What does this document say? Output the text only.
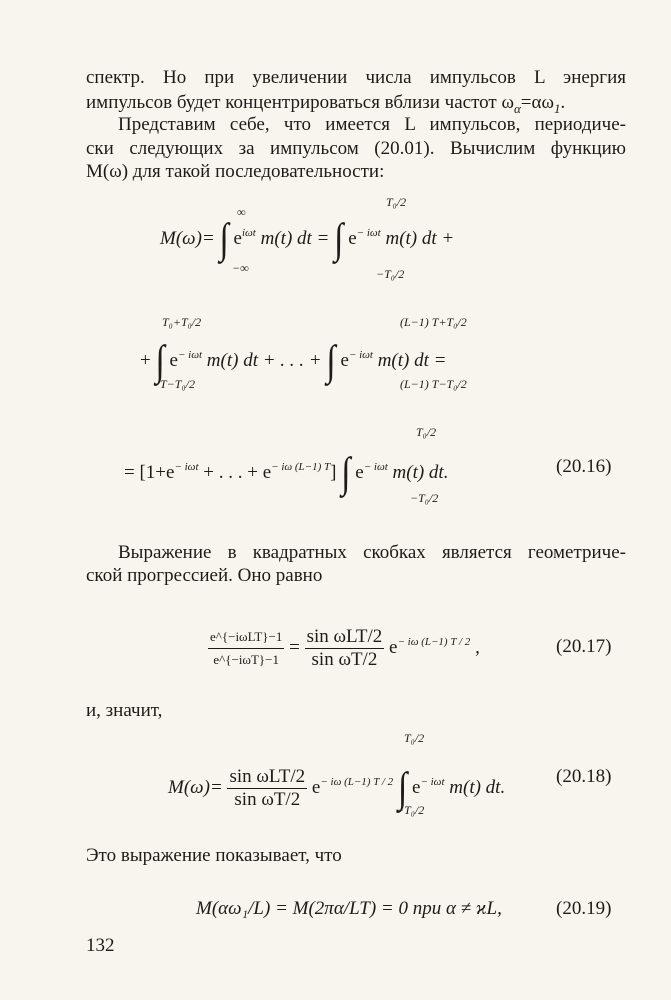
спектр. Но при увеличении числа импульсов L энергия
импульсов будет концентрироваться вблизи частот $\omega_\alpha=\alpha\omega_1$.
Представим себе, что имеется L импульсов, периодиче-
ски следующих за импульсом (20.01). Вычислим функцию
M(ω) для такой последовательности:
M(ω)= ∫ $e^{i\omega t}$ m(t) dt = ∫ $e^{- i\omega t}$ m(t) dt +
∞
−∞
T₀/2
−T₀/2
+ ∫ $e^{- i\omega t}$ m(t) dt + . . . + ∫ $e^{- i\omega t}$ m(t) dt =
T₀+T₀/2
T−T₀/2
(L−1) T+T₀/2
(L−1) T−T₀/2
= [$1+e^{- i\omega t}$ + . . . + $e^{- i\omega (L-1) T}$] ∫ $e^{- i\omega t}$ m(t) dt.
T₀/2
−T₀/2
(20.16)
Выражение в квадратных скобках является геометриче-
ской прогрессией. Оно равно
$\frac{\text{e\textasciicircum{}\{−iωLT\}−1}}{\text{e\textasciicircum{}\{−iωT\}−1}} = \frac{\text{sin ωLT/2}}{\text{sin ωT/2}} e^{- i\omega (L-1) T / 2}$ ,	(20.17)
и, значит,
$M(\omega)= \frac{\text{sin ωLT/2}}{\text{sin ωT/2}} e^{- i\omega (L-1) T / 2}$ ∫ $e^{- i\omega t}$ m(t) dt.
T₀/2
−T₀/2
(20.18)
Это выражение показывает, что
M(αω₁/L) = M(2πα/LT) = 0 при α ≠ ϰL,	(20.19)
132
